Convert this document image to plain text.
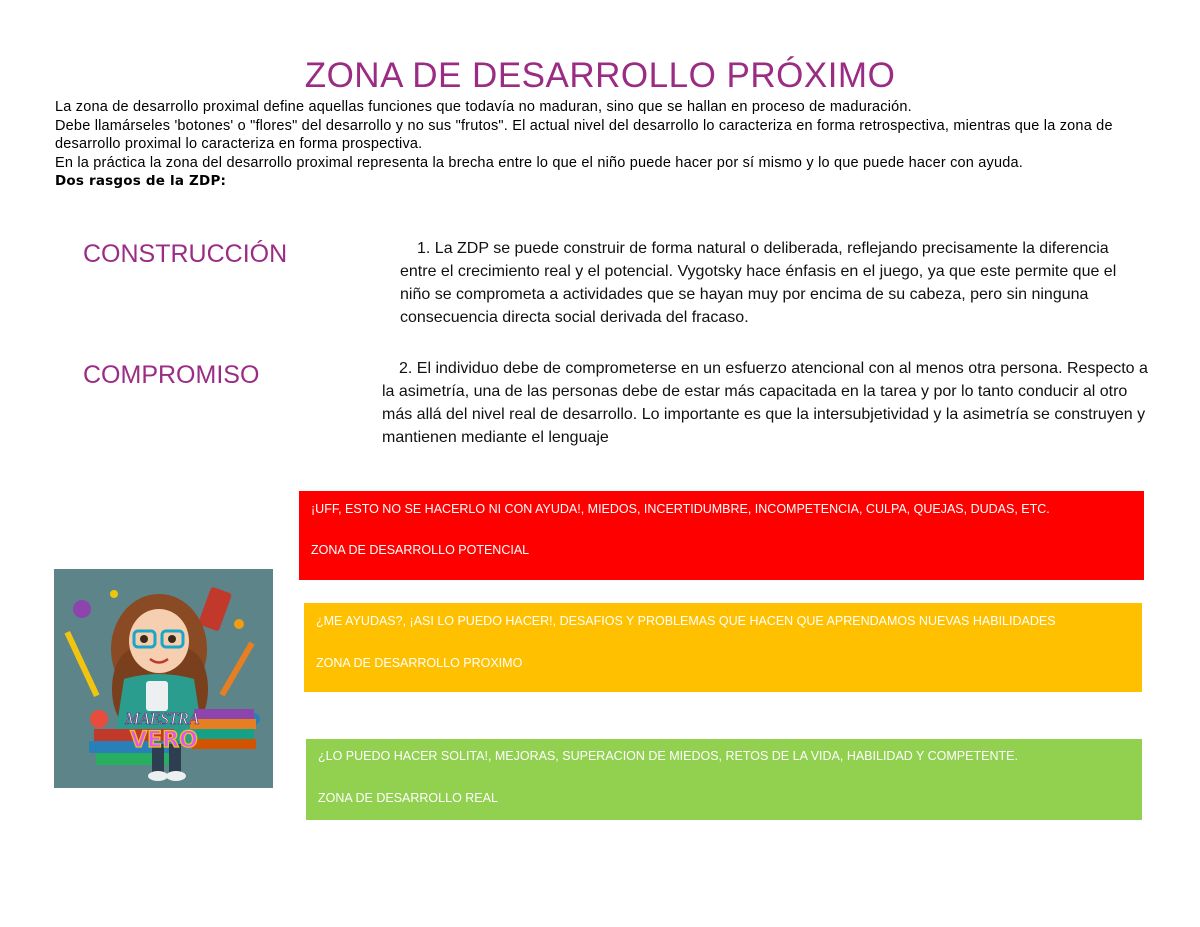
ZONA DE DESARROLLO PRÓXIMO

La zona de desarrollo proximal define aquellas funciones que todavía no maduran, sino que se hallan en proceso de maduración.

Debe llamárseles 'botones' o "flores" del desarrollo y no sus "frutos". El actual nivel del desarrollo lo caracteriza en forma retrospectiva, mientras que la zona de desarrollo proximal lo caracteriza en forma prospectiva.

En la práctica la zona del desarrollo proximal representa la brecha entre lo que el niño puede hacer por sí mismo y lo que puede hacer con ayuda.

Dos rasgos de la ZDP:

CONSTRUCCIÓN	1. La ZDP se puede construir de forma natural o deliberada, reflejando precisamente la diferencia entre el crecimiento real y el potencial. Vygotsky hace énfasis en el juego, ya que este permite que el niño se comprometa a actividades que se hayan muy por encima de su cabeza, pero sin ninguna consecuencia directa social derivada del fracaso.
COMPROMISO	2. El individuo debe de comprometerse en un esfuerzo atencional con al menos otra persona. Respecto a la asimetría, una de las personas debe de estar más capacitada en la tarea y por lo tanto conducir al otro más allá del nivel real de desarrollo. Lo importante es que la intersubjetividad y la asimetría se construyen y mantienen mediante el lenguaje
¡UFF, ESTO NO SE HACERLO NI CON AYUDA!, MIEDOS, INCERTIDUMBRE, INCOMPETENCIA, CULPA, QUEJAS, DUDAS, ETC.
ZONA DE DESARROLLO POTENCIAL
¿ME AYUDAS?, ¡ASI LO PUEDO HACER!, DESAFIOS Y PROBLEMAS QUE HACEN QUE APRENDAMOS NUEVAS HABILIDADES
ZONA DE DESARROLLO PROXIMO
¿LO PUEDO HACER SOLITA!, MEJORAS, SUPERACION DE MIEDOS, RETOS DE LA VIDA, HABILIDAD Y COMPETENTE.
ZONA DE DESARROLLO REAL
MAESTRA
VERO
